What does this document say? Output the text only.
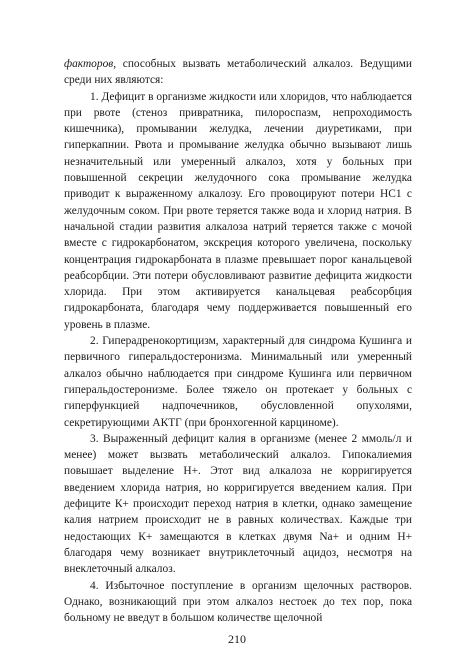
факторов, способных вызвать метаболический алкалоз. Ведущими среди них являются:

1. Дефицит в организме жидкости или хлоридов, что наблюдается при рвоте (стеноз привратника, пилороспазм, непроходимость кишечника), промывании желудка, лечении диуретиками, при гиперкапнии. Рвота и промывание желудка обычно вызывают лишь незначительный или умеренный алкалоз, хотя у больных при повышенной секреции желудочного сока промывание желудка приводит к выраженному алкалозу. Его провоцируют потери НС1 с желудочным соком. При рвоте теряется также вода и хлорид натрия. В начальной стадии развития алкалоза натрий теряется также с мочой вместе с гидрокарбонатом, экскреция которого увеличена, поскольку концентрация гидрокарбоната в плазме превышает порог канальцевой реабсорбции. Эти потери обусловливают развитие дефицита жидкости хлорида. При этом активируется канальцевая реабсорбция гидрокарбоната, благодаря чему поддерживается повышенный его уровень в плазме.

2. Гиперадренокортицизм, характерный для синдрома Кушинга и первичного гиперальдостеронизма. Минимальный или умеренный алкалоз обычно наблюдается при синдроме Кушинга или первичном гиперальдостеронизме. Более тяжело он протекает у больных с гиперфункцией надпочечников, обусловленной опухолями, секретирующими АКТГ (при бронхогенной карциноме).

3. Выраженный дефицит калия в организме (менее 2 ммоль/л и менее) может вызвать метаболический алкалоз. Гипокалиемия повышает выделение Н+. Этот вид алкалоза не корригируется введением хлорида натрия, но корригируется введением калия. При дефиците К+ происходит переход натрия в клетки, однако замещение калия натрием происходит не в равных количествах. Каждые три недостающих К+ замещаются в клетках двумя Na+ и одним Н+ благодаря чему возникает внутриклеточный ацидоз, несмотря на внеклеточный алкалоз.

4. Избыточное поступление в организм щелочных растворов. Однако, возникающий при этом алкалоз нестоек до тех пор, пока больному не введут в большом количестве щелочной

210
